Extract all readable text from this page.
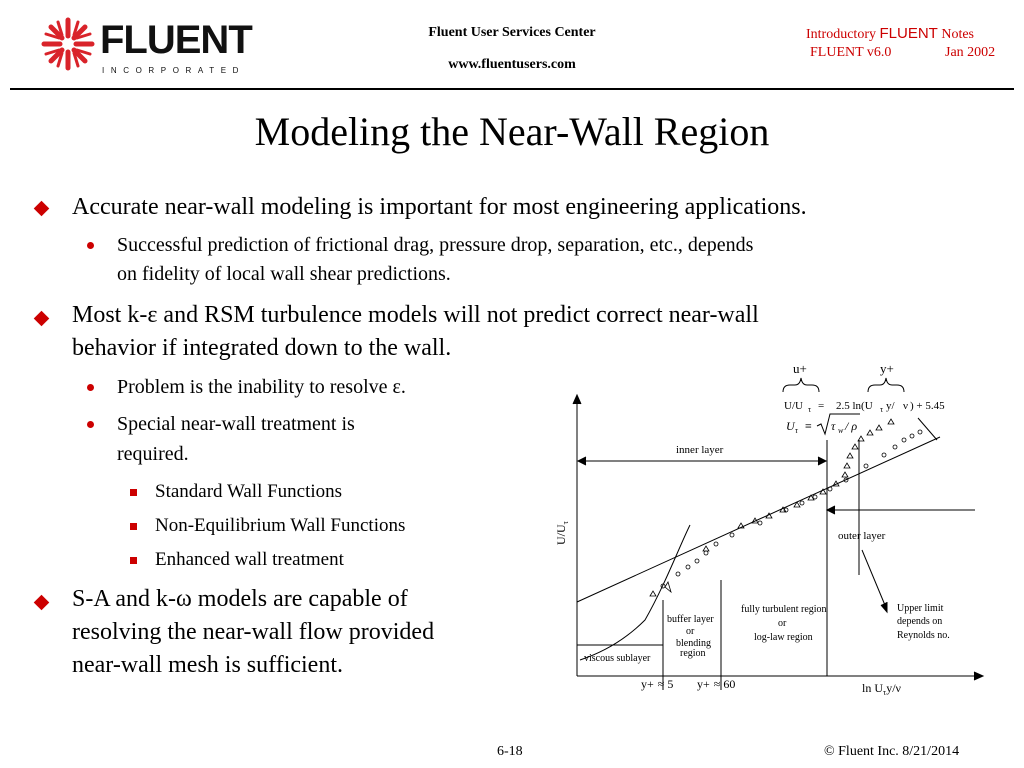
FLUENT
INCORPORATED
Fluent User Services Center
www.fluentusers.com
Introductory FLUENT Notes
FLUENT v6.0	Jan 2002
Modeling the Near-Wall Region
Accurate near-wall modeling is important for most engineering applications.
Successful prediction of frictional drag, pressure drop, separation, etc., depends
on fidelity of local wall shear predictions.
Most k-ε and RSM turbulence models will not predict correct near-wall
behavior if integrated down to the wall.
Problem is the inability to resolve ε.
Special near-wall treatment is
required.
Standard Wall Functions
Non-Equilibrium Wall Functions
Enhanced wall treatment
S-A and k-ω models are capable of
resolving the near-wall flow provided
near-wall mesh is sufficient.
u+	y+
U/U τ = 2.5 ln(U τ y/ ν ) + 5.45
U τ ≡ τ w / ρ
inner layer
outer layer
$U/U_\tau$
buffer layer
or
blending
region
fully turbulent region
or
log-law region
Upper limit
depends on
Reynolds no.
viscous sublayer
y+ ≈ 5 y+ ≈ 60	$\ln U_\tau y/\nu$
6-18	© Fluent Inc. 8/21/2014
